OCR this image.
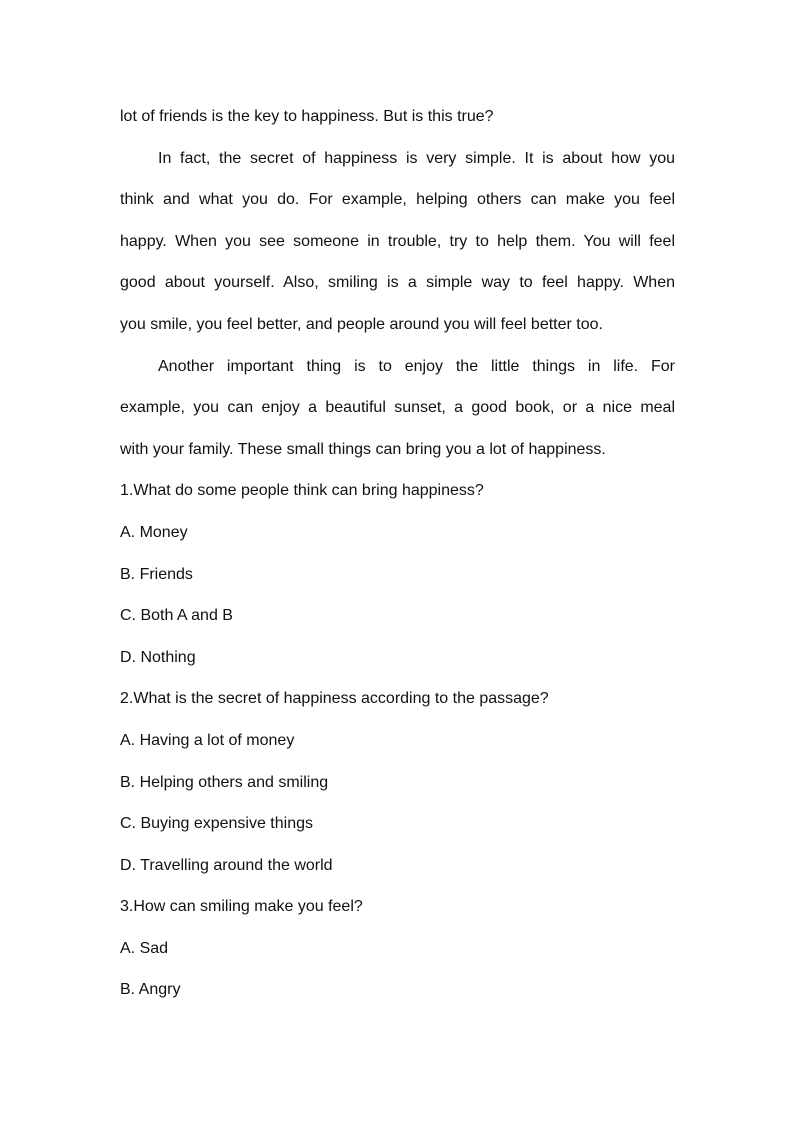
lot of friends is the key to happiness. But is this true?
In fact, the secret of happiness is very simple. It is about how you
think and what you do. For example, helping others can make you feel
happy. When you see someone in trouble, try to help them. You will feel
good about yourself. Also, smiling is a simple way to feel happy. When
you smile, you feel better, and people around you will feel better too.
Another important thing is to enjoy the little things in life. For
example, you can enjoy a beautiful sunset, a good book, or a nice meal
with your family. These small things can bring you a lot of happiness.
1.What do some people think can bring happiness?
A. Money
B. Friends
C. Both A and B
D. Nothing
2.What is the secret of happiness according to the passage?
A. Having a lot of money
B. Helping others and smiling
C. Buying expensive things
D. Travelling around the world
3.How can smiling make you feel?
A. Sad
B. Angry
